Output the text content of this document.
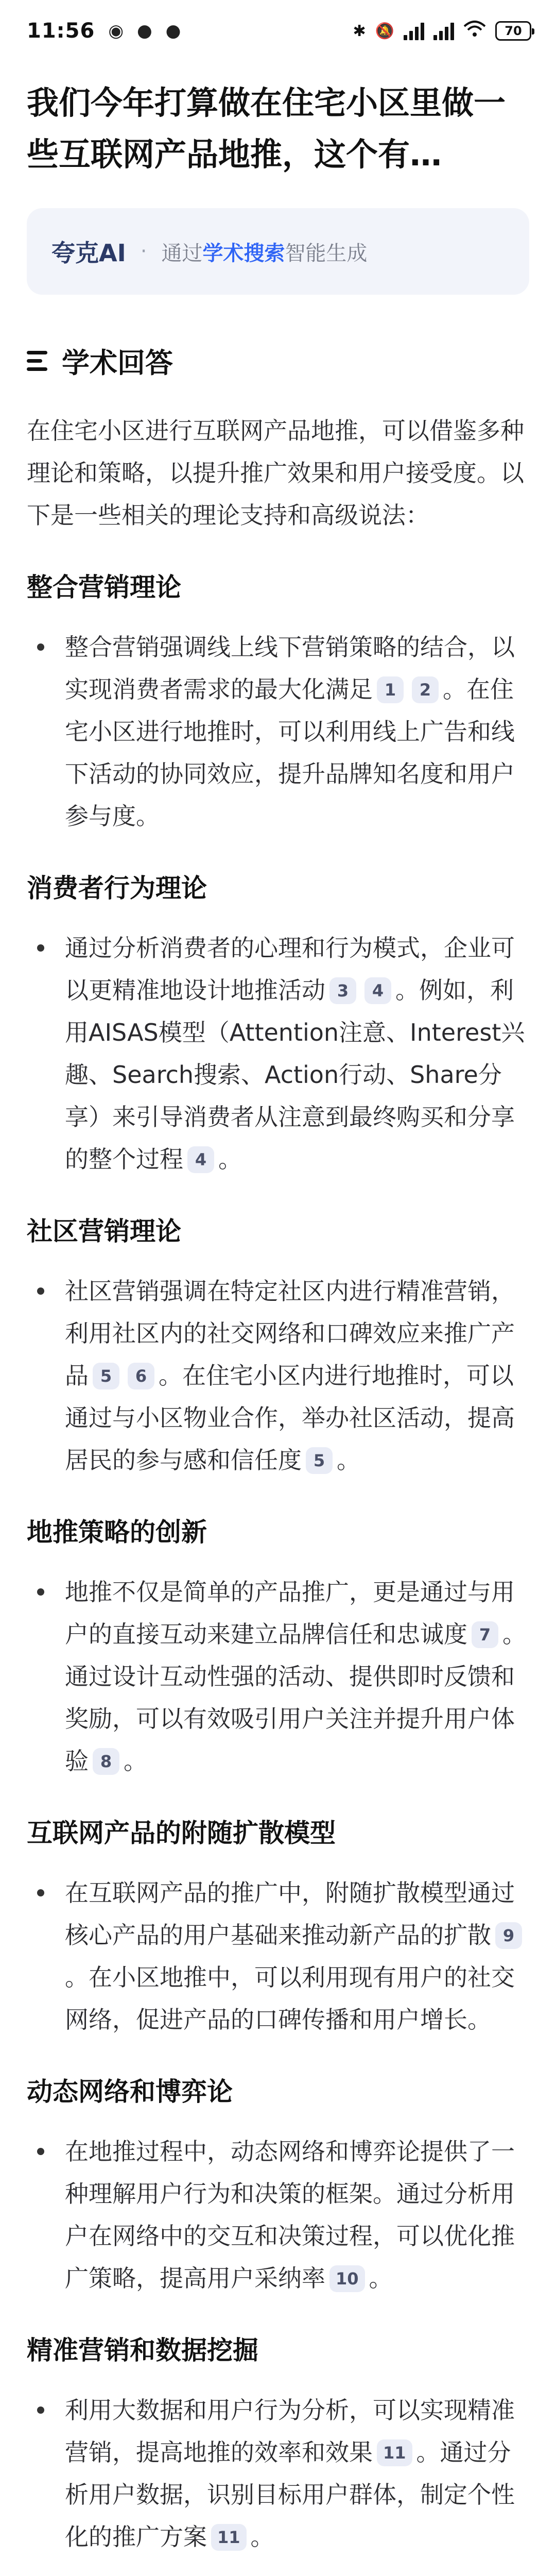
11:56 ◉ ● ●	✱ 🔕	70
我们今年打算做在住宅小区里做一些互联网产品地推，这个有…
夸克AI · 通过 学术搜索 智能生成
学术回答

在住宅小区进行互联网产品地推，可以借鉴多种理论和策略，以提升推广效果和用户接受度。以下是一些相关的理论支持和高级说法：

整合营销理论
整合营销强调线上线下营销策略的结合，以实现消费者需求的最大化满足 1 2 。在住宅小区进行地推时，可以利用线上广告和线下活动的协同效应，提升品牌知名度和用户参与度。
消费者行为理论
通过分析消费者的心理和行为模式，企业可以更精准地设计地推活动 3 4 。例如，利用AISAS模型（Attention注意、Interest兴趣、Search搜索、Action行动、Share分享）来引导消费者从注意到最终购买和分享的整个过程 4 。
社区营销理论
社区营销强调在特定社区内进行精准营销，利用社区内的社交网络和口碑效应来推广产品 5 6 。在住宅小区内进行地推时，可以通过与小区物业合作，举办社区活动，提高居民的参与感和信任度 5 。
地推策略的创新
地推不仅是简单的产品推广，更是通过与用户的直接互动来建立品牌信任和忠诚度 7 。通过设计互动性强的活动、提供即时反馈和奖励，可以有效吸引用户关注并提升用户体验 8 。
互联网产品的附随扩散模型
在互联网产品的推广中，附随扩散模型通过核心产品的用户基础来推动新产品的扩散 9。在小区地推中，可以利用现有用户的社交网络，促进产品的口碑传播和用户增长。
动态网络和博弈论
在地推过程中，动态网络和博弈论提供了一种理解用户行为和决策的框架。通过分析用户在网络中的交互和决策过程，可以优化推广策略，提高用户采纳率 10 。
精准营销和数据挖掘
利用大数据和用户行为分析，可以实现精准营销，提高地推的效率和效果 11 。通过分析用户数据，识别目标用户群体，制定个性化的推广方案 11 。
